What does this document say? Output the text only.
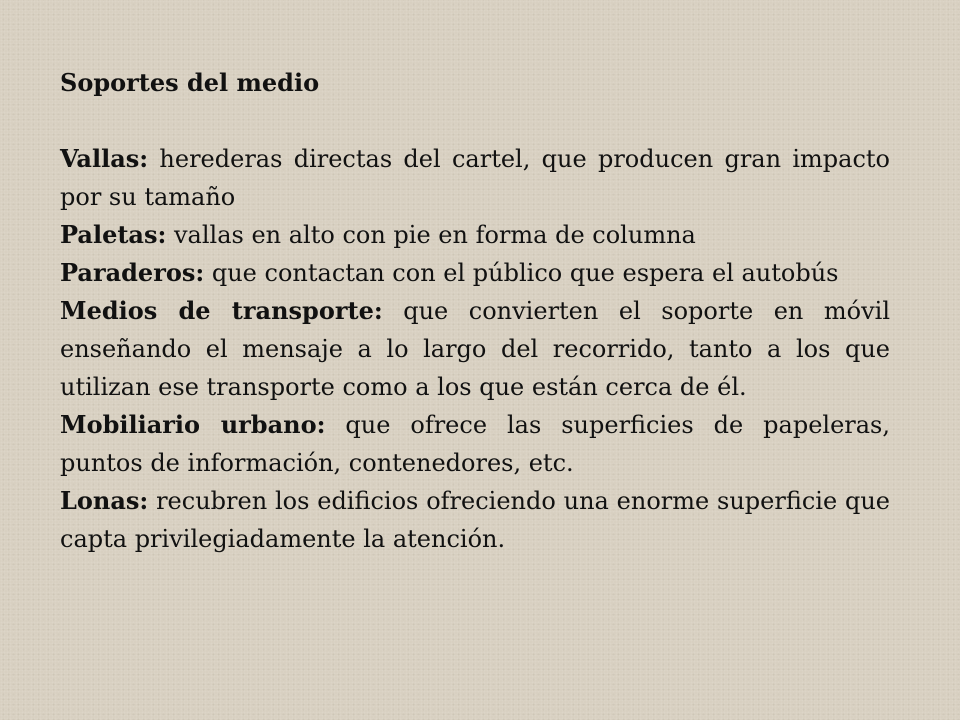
Soportes del medio

Vallas: herederas directas del cartel, que producen gran impacto por su tamaño

Paletas: vallas en alto con pie en forma de columna

Paraderos: que contactan con el público que espera el autobús

Medios de transporte: que convierten el soporte en móvil enseñando el mensaje a lo largo del recorrido, tanto a los que utilizan ese transporte como a los que están cerca de él.

Mobiliario urbano: que ofrece las superficies de papeleras, puntos de información, contenedores, etc.

Lonas: recubren los edificios ofreciendo una enorme superficie que capta privilegiadamente la atención.
